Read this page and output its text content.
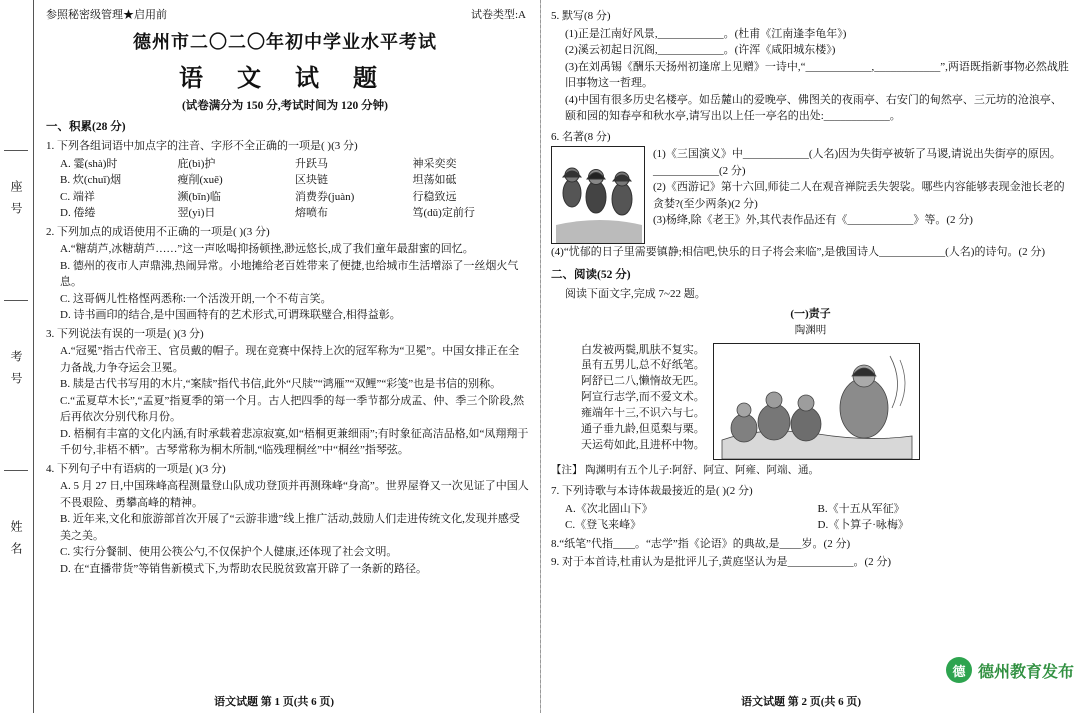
座号
考号
姓名
参照秘密级管理★启用前	试卷类型:A
德州市二〇二〇年初中学业水平考试
语 文 试 题
(试卷满分为 150 分,考试时间为 120 分钟)
一、积累(28 分)
1. 下列各组词语中加点字的注音、字形不全正确的一项是( )(3 分)
A. 霎(shà)时	庇(bì)护	升跃马	神采奕奕
B. 炊(chuī)烟	瘦削(xuē)	区块链	坦荡如砥
C. 端祥	濒(bīn)临	消费券(juàn)	行稳致远
D. 倦绻	翌(yì)日	熔喷布	笃(dǔ)定前行
2. 下列加点的成语使用不正确的一项是( )(3 分)
A.“糖葫芦,冰糖葫芦……”这一声吆喝抑扬顿挫,渺远悠长,成了我们童年最甜蜜的回忆。
B. 德州的夜市人声鼎沸,热闹异常。小地摊给老百姓带来了便捷,也给城市生活增添了一丝烟火气息。
C. 这哥俩儿性格悭两悉称:一个活泼开朗,一个不苟言笑。
D. 诗书画印的结合,是中国画特有的艺术形式,可谓珠联璧合,相得益彰。
3. 下列说法有误的一项是( )(3 分)
A.“冠冕”指古代帝王、官员戴的帽子。现在竞赛中保持上次的冠军称为“卫冕”。中国女排正在全力备战,力争夺运会卫冕。
B. 牍是古代书写用的木片,“案牍”指代书信,此外“尺牍”“鸿雁”“双鲤”“彩笺”也是书信的别称。
C.“孟夏草木长”,“孟夏”指夏季的第一个月。古人把四季的每一季节都分成孟、仲、季三个阶段,然后再依次分别代称月份。
D. 梧桐有丰富的文化内涵,有时承载着悲凉寂寞,如“梧桐更兼细雨”;有时象征高洁品格,如“凤翔翔于千仞兮,非梧不栖”。古琴常称为桐木所制,“临残理桐丝”中“桐丝”指琴弦。
4. 下列句子中有语病的一项是( )(3 分)
A. 5 月 27 日,中国珠峰高程测量登山队成功登顶并再测珠峰“身高”。世界屋脊又一次见证了中国人不畏艰险、勇攀高峰的精神。
B. 近年来,文化和旅游部首次开展了“云游非遗”线上推广活动,鼓励人们走进传统文化,发现并感受美之美。
C. 实行分餐制、使用公筷公勺,不仅保护个人健康,还体现了社会文明。
D. 在“直播带货”等销售新模式下,为帮助农民脱贫致富开辟了一条新的路径。
语文试题 第 1 页(共 6 页)
5. 默写(8 分)
(1)正是江南好风景,____________。(杜甫《江南逢李龟年》)
(2)溪云初起日沉阁,____________。(许浑《咸阳城东楼》)
(3)在刘禹锡《酬乐天扬州初逢席上见赠》一诗中,“____________,____________”,两语既指新事物必然战胜旧事物这一哲理。
(4)中国有很多历史名楼亭。如岳麓山的爱晚亭、佛图关的夜雨亭、右安门的甸然亭、三元坊的沧浪亭、颐和园的知春亭和秋水亭,请写出以上任一亭名的出处:____________。
6. 名著(8 分)
(1)《三国演义》中____________(人名)因为失街亭被斩了马谡,请说出失街亭的原因。____________(2 分)
(2)《西游记》第十六回,师徒二人在观音禅院丢失袈裟。哪些内容能够表现金池长老的贪婪?(至少两条)(2 分)
(3)杨绛,除《老王》外,其代表作品还有《____________》等。(2 分)
(4)“忧郁的日子里需要镇静;相信吧,快乐的日子将会来临”,是俄国诗人____________(人名)的诗句。(2 分)
二、阅读(52 分)
阅读下面文字,完成 7~22 题。
(一)责子
陶渊明
白发被两鬓,肌肤不复实。
虽有五男儿,总不好纸笔。
阿舒已二八,懒惰故无匹。
阿宣行志学,而不爱文术。
雍端年十三,不识六与七。
通子垂九龄,但觅梨与栗。
天运苟如此,且进杯中物。
【注】 陶渊明有五个儿子:阿舒、阿宣、阿雍、阿端、通。
7. 下列诗歌与本诗体裁最接近的是( )(2 分)
A.《次北固山下》	B.《十五从军征》
C.《登飞来峰》	D.《卜算子·咏梅》
8.“纸笔”代指____。“志学”指《论语》的典故,是____岁。(2 分)
9. 对于本首诗,杜甫认为是批评儿子,黄庭坚认为是____________。(2 分)
德 德州教育发布
语文试题 第 2 页(共 6 页)
